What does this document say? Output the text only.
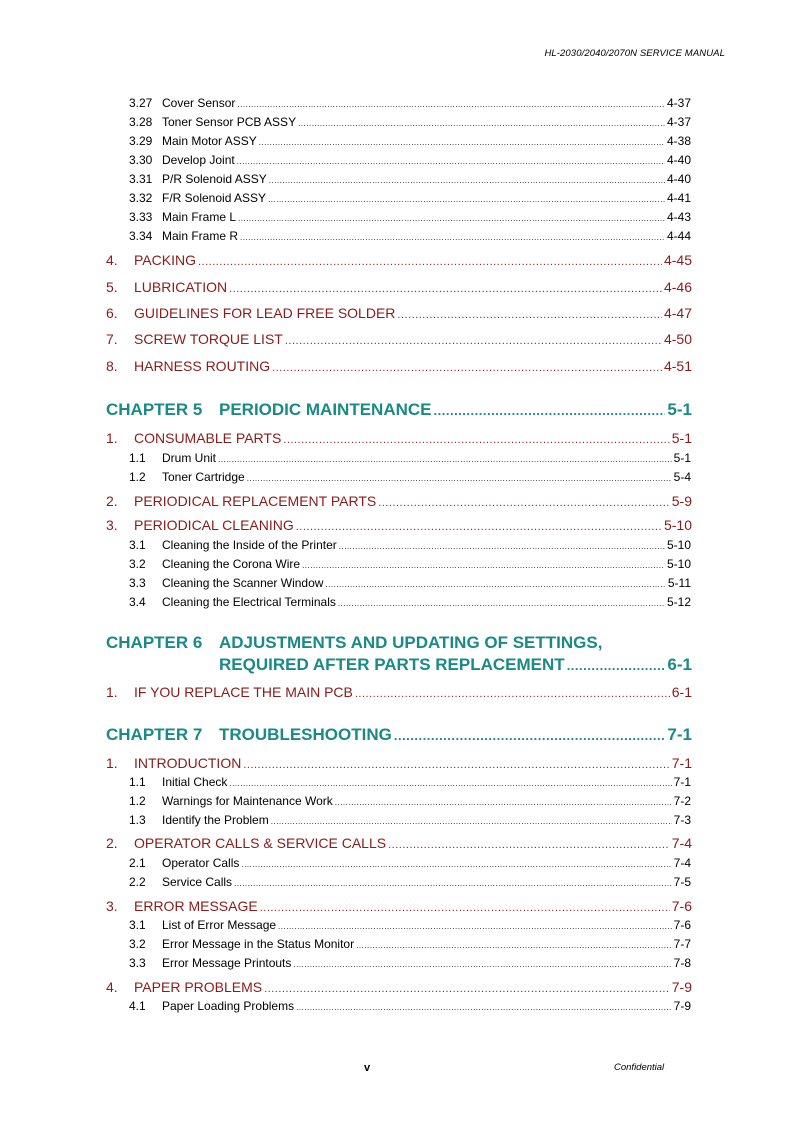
HL-2030/2040/2070N SERVICE MANUAL
3.27 Cover Sensor .....	4-37
3.28 Toner Sensor PCB ASSY .....	4-37
3.29 Main Motor ASSY .....	4-38
3.30 Develop Joint .....	4-40
3.31 P/R Solenoid ASSY .....	4-40
3.32 F/R Solenoid ASSY .....	4-41
3.33 Main Frame L .....	4-43
3.34 Main Frame R .....	4-44
4.	PACKING .....	4-45
5.	LUBRICATION .....	4-46
6.	GUIDELINES FOR LEAD FREE SOLDER .....	4-47
7.	SCREW TORQUE LIST .....	4-50
8.	HARNESS ROUTING .....	4-51
CHAPTER 5 PERIODIC MAINTENANCE .....	5-1
1.	CONSUMABLE PARTS .....	5-1
1.1	Drum Unit .....	5-1
1.2	Toner Cartridge .....	5-4
2.	PERIODICAL REPLACEMENT PARTS .....	5-9
3.	PERIODICAL CLEANING .....	5-10
3.1	Cleaning the Inside of the Printer .....	5-10
3.2	Cleaning the Corona Wire .....	5-10
3.3	Cleaning the Scanner Window .....	5-11
3.4	Cleaning the Electrical Terminals .....	5-12
CHAPTER 6 ADJUSTMENTS AND UPDATING OF SETTINGS,
REQUIRED AFTER PARTS REPLACEMENT .....	6-1
1.	IF YOU REPLACE THE MAIN PCB .....	6-1
CHAPTER 7 TROUBLESHOOTING .....	7-1
1.	INTRODUCTION .....	7-1
1.1	Initial Check .....	7-1
1.2	Warnings for Maintenance Work .....	7-2
1.3	Identify the Problem .....	7-3
2.	OPERATOR CALLS & SERVICE CALLS .....	7-4
2.1	Operator Calls .....	7-4
2.2	Service Calls .....	7-5
3.	ERROR MESSAGE .....	7-6
3.1	List of Error Message .....	7-6
3.2	Error Message in the Status Monitor .....	7-7
3.3	Error Message Printouts .....	7-8
4.	PAPER PROBLEMS .....	7-9
4.1	Paper Loading Problems .....	7-9
v	Confidential
